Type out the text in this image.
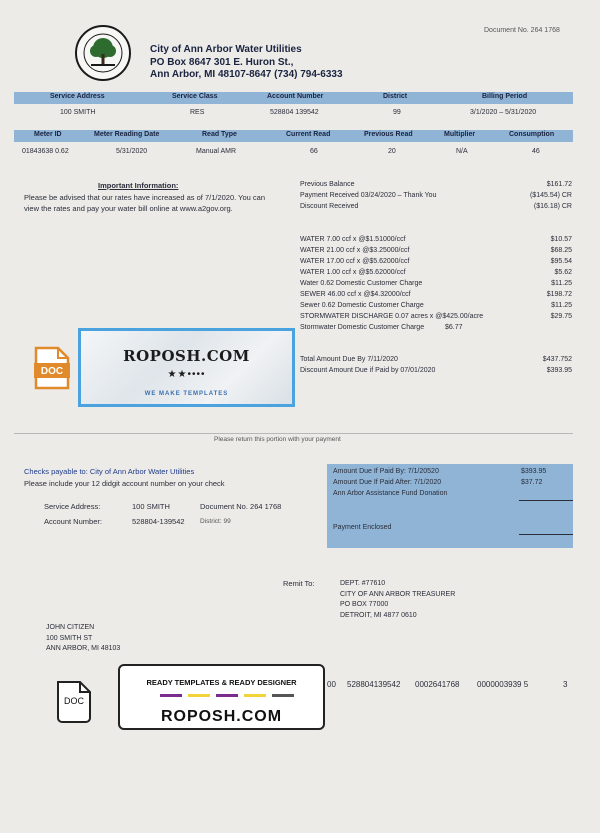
Document No. 264 1768
City of Ann Arbor Water Utilities
PO Box 8647 301 E. Huron St.,
Ann Arbor, MI 48107-8647 (734) 794-6333
Service Address	Service Class	Account Number	District	Billing Period
100 SMITH	RES	528804 139542	99	3/1/2020 – 5/31/2020
Meter ID	Meter Reading Date	Read Type	Current Read	Previous Read	Multiplier	Consumption
01843638 0.62	5/31/2020	Manual AMR	66	20	N/A	46
Important Information:
Please be advised that our rates have increased as of 7/1/2020. You can view the rates and pay your water bill online at www.a2gov.org.
Previous Balance	$161.72
Payment Received 03/24/2020 – Thank You	($145.54) CR
Discount Received	($16.18) CR
WATER 7.00 ccf x @$1.51000/ccf	$10.57
WATER 21.00 ccf x @$3.25000/ccf	$68.25
WATER 17.00 ccf x @$5.62000/ccf	$95.54
WATER 1.00 ccf x @$5.62000/ccf	$5.62
Water 0.62 Domestic Customer Charge	$11.25
SEWER 46.00 ccf x @$4.32000/ccf	$198.72
Sewer 0.62 Domestic Customer Charge	$11.25
STORMWATER DISCHARGE 0.07 acres x @$425.00/acre	$29.75
Stormwater Domestic Customer Charge	$6.77
DOC
ROPOSH.COM
★★••••
WE MAKE TEMPLATES
Total Amount Due By 7/11/2020	$437.752
Discount Amount Due if Paid by 07/01/2020	$393.95
Please return this portion with your payment
Checks payable to: City of Ann Arbor Water Utilities
Please include your 12 didgit account number on your check
Service Address:	100 SMITH	Document No. 264 1768
Account Number:	528804-139542 District: 99
Amount Due If Paid By: 7/1/20520	$393.95
Amount Due If Paid After: 7/1/2020	$37.72
Ann Arbor Assistance Fund Donation
Payment Enclosed
Remit To:	DEPT. #77610
CITY OF ANN ARBOR TREASURER
PO BOX 77000
DETROIT, MI 4877 0610
JOHN CITIZEN
100 SMITH ST
ANN ARBOR, MI 48103
DOC
READY TEMPLATES & READY DESIGNER
ROPOSH.COM
00 528804139542 0002641768 0000003939 5	3
